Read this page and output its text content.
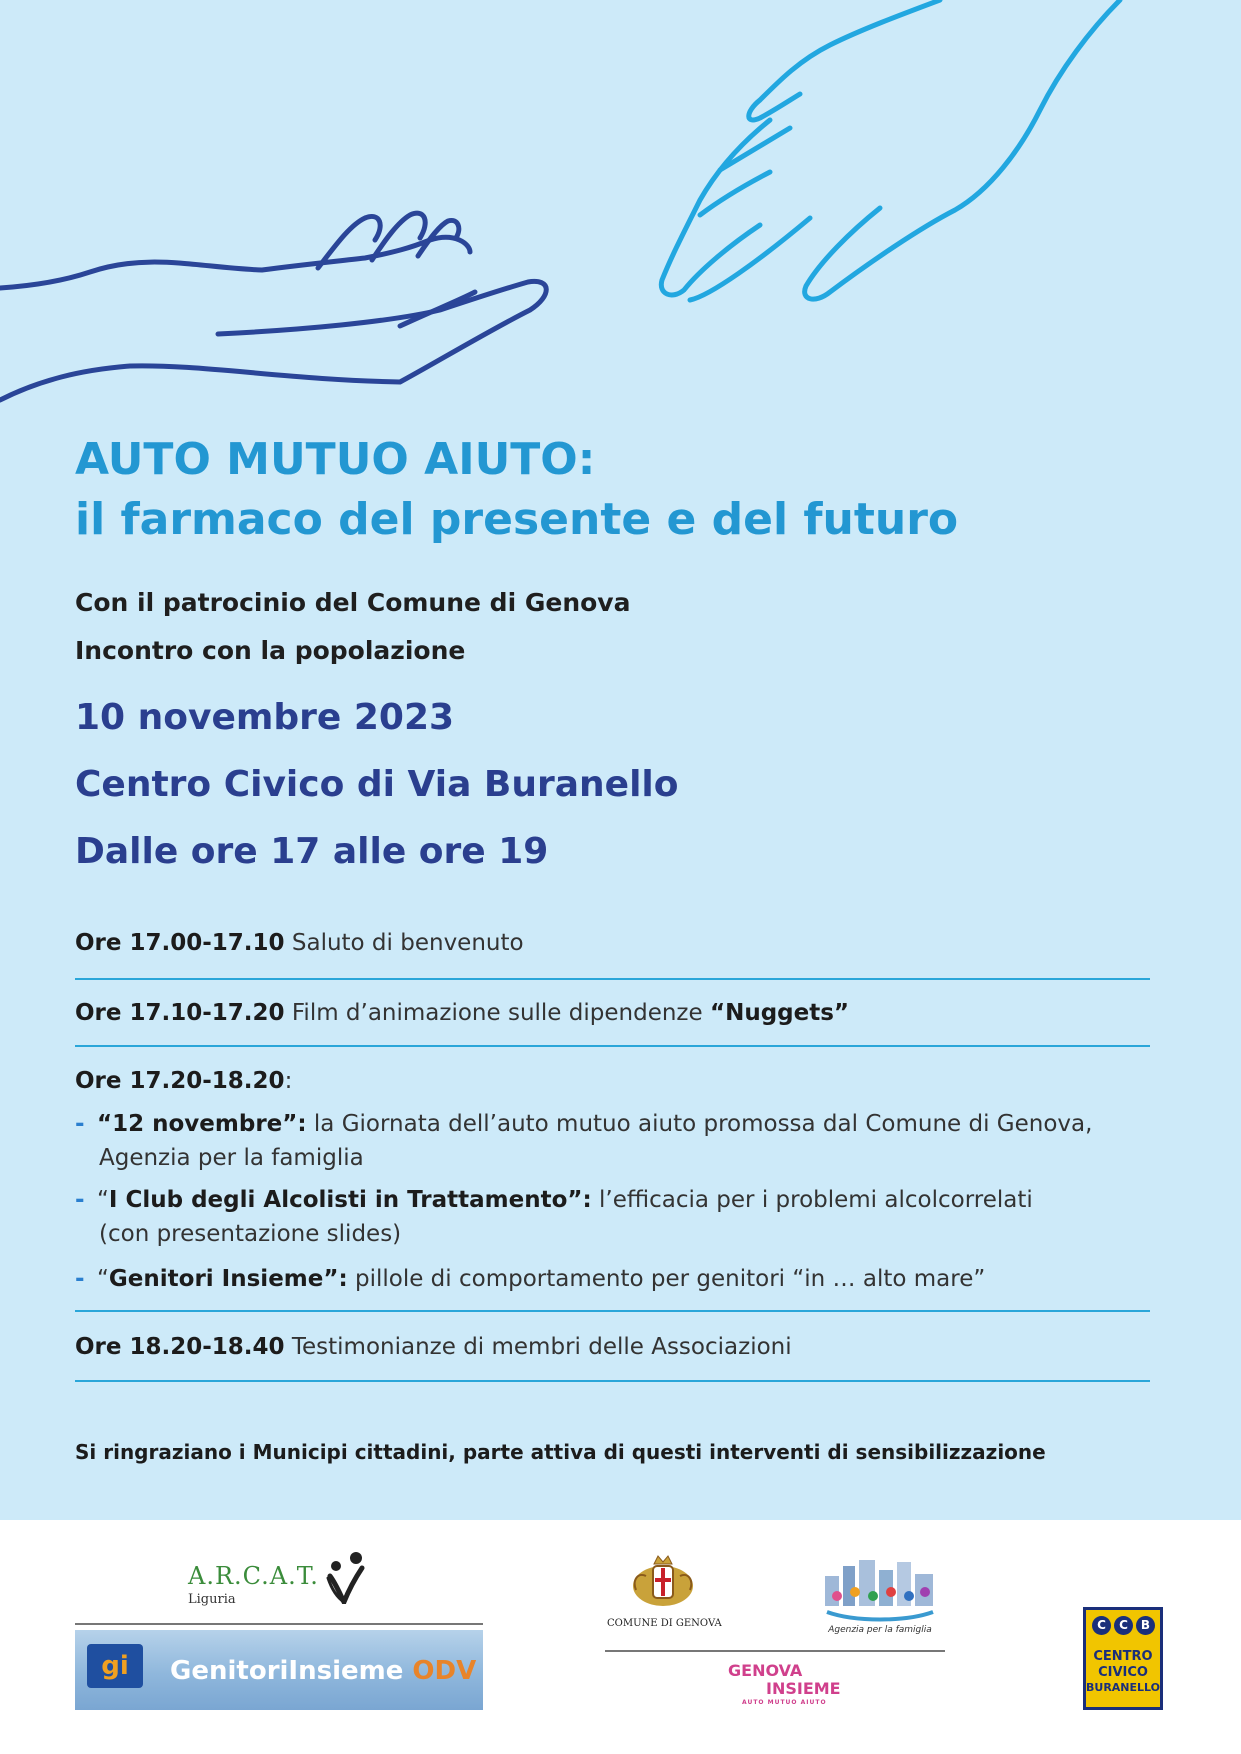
AUTO MUTUO AIUTO:
il farmaco del presente e del futuro

Con il patrocinio del Comune di Genova

Incontro con la popolazione

10 novembre 2023

Centro Civico di Via Buranello

Dalle ore 17 alle ore 19

Ore 17.00-17.10 Saluto di benvenuto
Ore 17.10-17.20 Film d’animazione sulle dipendenze “Nuggets”
Ore 17.20-18.20:
- “12 novembre”: la Giornata dell’auto mutuo aiuto promossa dal Comune di Genova,
Agenzia per la famiglia
- “I Club degli Alcolisti in Trattamento”: l’efficacia per i problemi alcolcorrelati
(con presentazione slides)
- “Genitori Insieme”: pillole di comportamento per genitori “in … alto mare”
Ore 18.20-18.40 Testimonianze di membri delle Associazioni

Si ringraziano i Municipi cittadini, parte attiva di questi interventi di sensibilizzazione

A.R.C.A.T.
Liguria
gi	GenitoriInsieme ODV
COMUNE DI GENOVA
Agenzia per la famiglia
GENOVA
INSIEME
AUTO MUTUO AIUTO
C	C	B
CENTRO
CIVICO
BURANELLO
